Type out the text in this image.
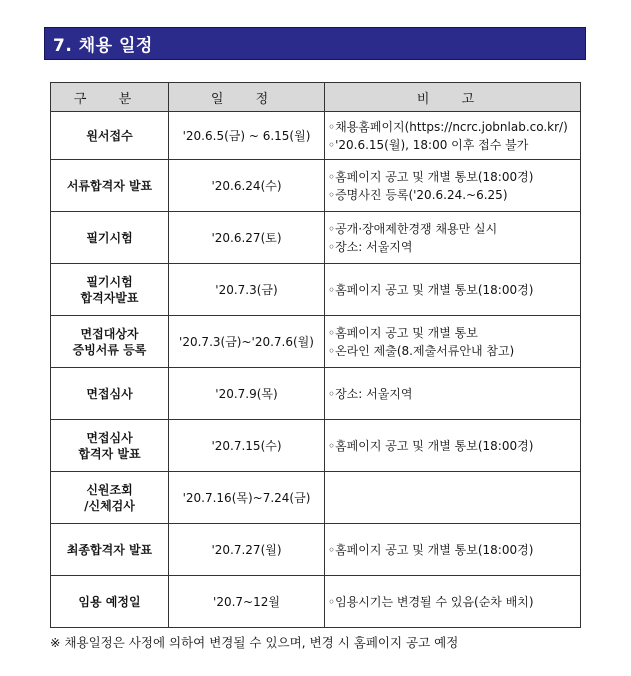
7. 채용 일정
구 분	일 정	비 고

원서접수	'20.6.5(금) ~ 6.15(월)	◦채용홈페이지(https://ncrc.jobnlab.co.kr/)
◦'20.6.15(월), 18:00 이후 접수 불가

서류합격자 발표	'20.6.24(수)	◦홈페이지 공고 및 개별 통보(18:00경)
◦증명사진 등록('20.6.24.~6.25)

필기시험	'20.6.27(토)	◦공개·장애제한경쟁 채용만 실시
◦장소: 서울지역

필기시험
합격자발표	'20.7.3(금)	◦홈페이지 공고 및 개별 통보(18:00경)

면접대상자
증빙서류 등록	'20.7.3(금)~'20.7.6(월)	◦홈페이지 공고 및 개별 통보
◦온라인 제출(8.제출서류안내 참고)

면접심사	'20.7.9(목)	◦장소: 서울지역

면접심사
합격자 발표	'20.7.15(수)	◦홈페이지 공고 및 개별 통보(18:00경)

신원조회
/신체검사	'20.7.16(목)~7.24(금)	

최종합격자 발표	'20.7.27(월)	◦홈페이지 공고 및 개별 통보(18:00경)

임용 예정일	'20.7~12월	◦임용시기는 변경될 수 있음(순차 배치)
※ 채용일정은 사정에 의하여 변경될 수 있으며, 변경 시 홈페이지 공고 예정
